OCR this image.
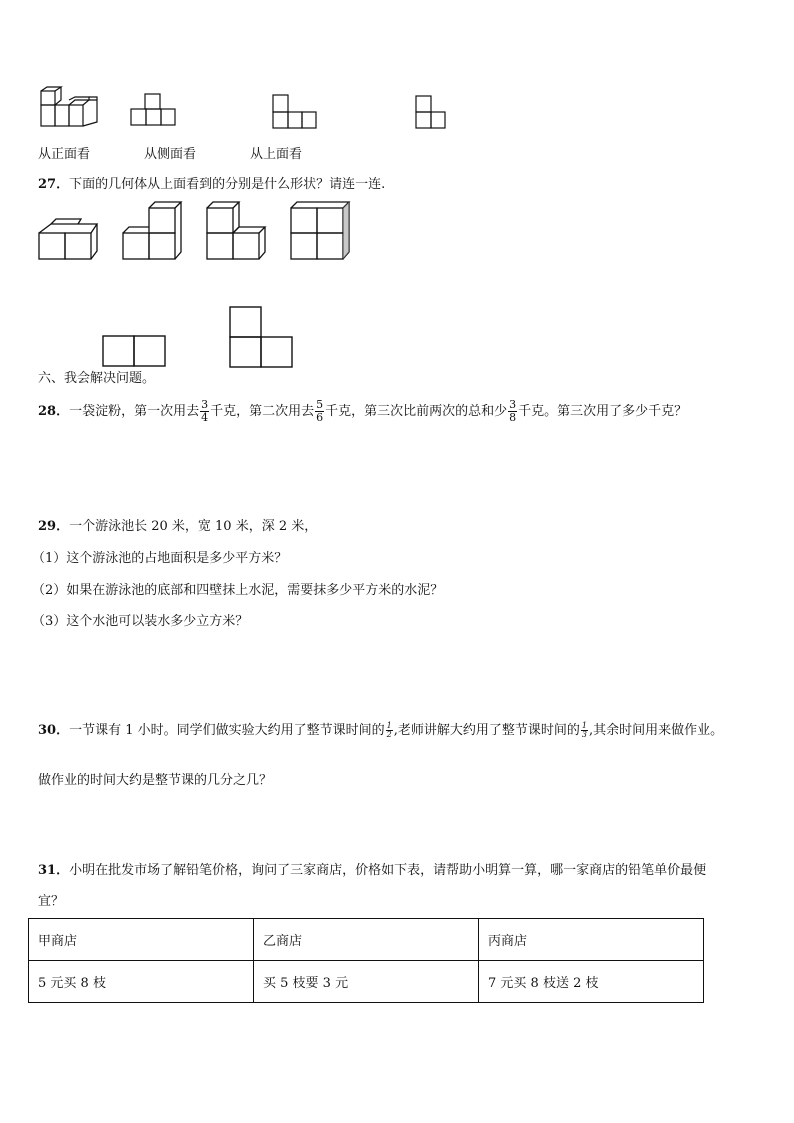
从正面看	从侧面看	从上面看
27．下面的几何体从上面看到的分别是什么形状？请连一连.
六、我会解决问题。
28．一袋淀粉，第一次用去 $\frac{3}{4}$ 千克，第二次用去 $\frac{5}{6}$ 千克，第三次比前两次的总和少 $\frac{3}{8}$ 千克。第三次用了多少千克？
29．一个游泳池长 20 米，宽 10 米，深 2 米，
（1）这个游泳池的占地面积是多少平方米？
（2）如果在游泳池的底部和四壁抹上水泥，需要抹多少平方米的水泥？
（3）这个水池可以装水多少立方米？
30．一节课有 1 小时。同学们做实验大约用了整节课时间的 $\frac{1}{2}$ ,老师讲解大约用了整节课时间的 $\frac{1}{3}$ ,其余时间用来做作业。
做作业的时间大约是整节课的几分之几？
31．小明在批发市场了解铅笔价格，询问了三家商店，价格如下表，请帮助小明算一算，哪一家商店的铅笔单价最便
宜？
甲商店	乙商店	丙商店
5 元买 8 枝	买 5 枝要 3 元	7 元买 8 枝送 2 枝
